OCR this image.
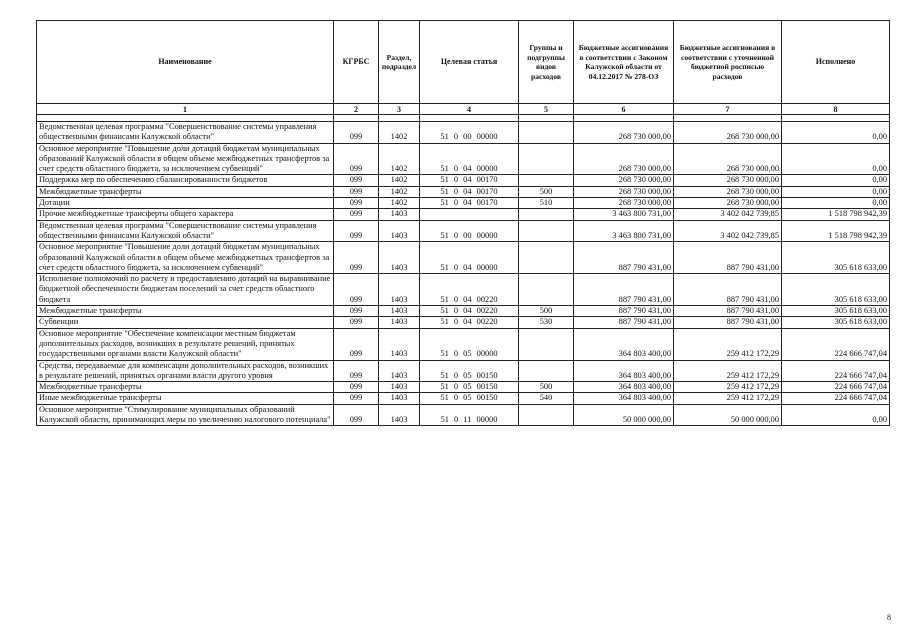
Наименование	КГРБС	Раздел, подраздел	Целевая статья	Группы и подгруппы видов расходов	Бюджетные ассигнования в соответствии с Законом Калужской области от 04.12.2017 № 278-ОЗ	Бюджетные ассигнования в соответствии с уточненной бюджетной росписью расходов	Исполнено
1	2	3	4	5	6	7	8

Ведомственная целевая программа "Совершенствование системы управления общественными финансами Калужской области"	099	1402	51 0 00 00000		268 730 000,00	268 730 000,00	0,00
Основное мероприятие "Повышение доли дотаций бюджетам муниципальных образований Калужской области в общем объеме межбюджетных трансфертов за счет средств областного бюджета, за исключением субвенций"	099	1402	51 0 04 00000		268 730 000,00	268 730 000,00	0,00
Поддержка мер по обеспечению сбалансированности бюджетов	099	1402	51 0 04 00170		268 730 000,00	268 730 000,00	0,00
Межбюджетные трансферты	099	1402	51 0 04 00170	500	268 730 000,00	268 730 000,00	0,00
Дотации	099	1402	51 0 04 00170	510	268 730 000,00	268 730 000,00	0,00
Прочие межбюджетные трансферты общего характера	099	1403			3 463 800 731,00	3 402 042 739,85	1 518 798 942,39
Ведомственная целевая программа "Совершенствование системы управления общественными финансами Калужской области"	099	1403	51 0 00 00000		3 463 800 731,00	3 402 042 739,85	1 518 798 942,39
Основное мероприятие "Повышение доли дотаций бюджетам муниципальных образований Калужской области в общем объеме межбюджетных трансфертов за счет средств областного бюджета, за исключением субвенций"	099	1403	51 0 04 00000		887 790 431,00	887 790 431,00	305 618 633,00
Исполнение полномочий по расчету и предоставлению дотаций на выравнивание бюджетной обеспеченности бюджетам поселений за счет средств областного бюджета	099	1403	51 0 04 00220		887 790 431,00	887 790 431,00	305 618 633,00
Межбюджетные трансферты	099	1403	51 0 04 00220	500	887 790 431,00	887 790 431,00	305 618 633,00
Субвенции	099	1403	51 0 04 00220	530	887 790 431,00	887 790 431,00	305 618 633,00
Основное мероприятие "Обеспечение компенсации местным бюджетам дополнительных расходов, возникших в результате решений, принятых государственными органами власти Калужской области"	099	1403	51 0 05 00000		364 803 400,00	259 412 172,29	224 666 747,04
Средства, передаваемые для компенсации дополнительных расходов, возникших в результате решений, принятых органами власти другого уровня	099	1403	51 0 05 00150		364 803 400,00	259 412 172,29	224 666 747,04
Межбюджетные трансферты	099	1403	51 0 05 00150	500	364 803 400,00	259 412 172,29	224 666 747,04
Иные межбюджетные трансферты	099	1403	51 0 05 00150	540	364 803 400,00	259 412 172,29	224 666 747,04
Основное мероприятие "Стимулирование муниципальных образований Калужской области, принимающих меры по увеличению налогового потенциала"	099	1403	51 0 11 00000		50 000 000,00	50 000 000,00	0,00
8
